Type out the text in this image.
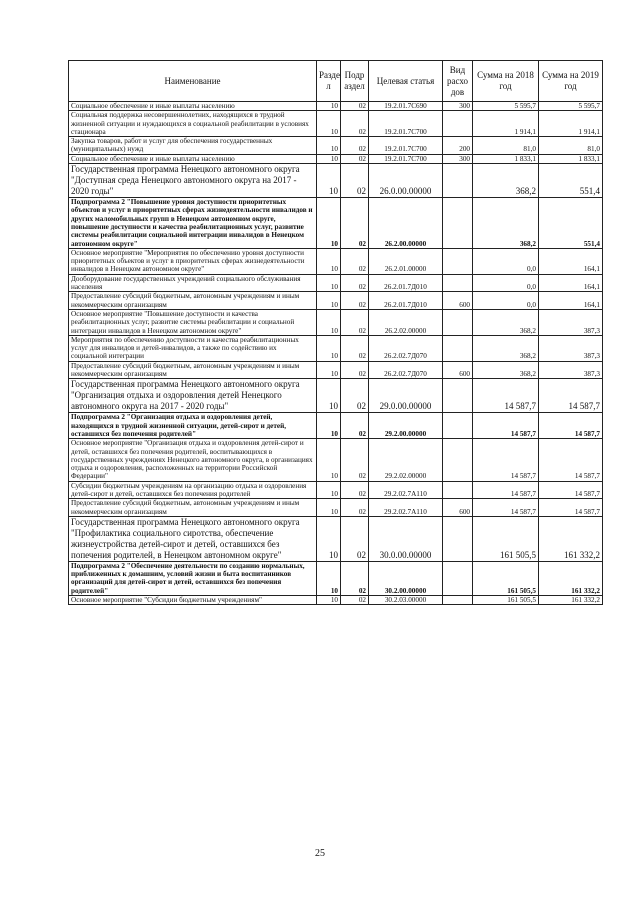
Наименование	Разде л	Подр аздел	Целевая статья	Вид расхо дов	Сумма на 2018 год	Сумма на 2019 год
Социальное обеспечение и иные выплаты населению	10	02	19.2.01.7С690	300	5 595,7	5 595,7
Социальная поддержка несовершеннолетних, находящихся в трудной жизненной ситуации и нуждающихся в социальной реабилитации в условиях стационара	10	02	19.2.01.7С700		1 914,1	1 914,1
Закупка товаров, работ и услуг для обеспечения государственных (муниципальных) нужд	10	02	19.2.01.7С700	200	81,0	81,0
Социальное обеспечение и иные выплаты населению	10	02	19.2.01.7С700	300	1 833,1	1 833,1
Государственная программа Ненецкого автономного округа "Доступная среда Ненецкого автономного округа на 2017 - 2020 годы"	10	02	26.0.00.00000		368,2	551,4
Подпрограмма 2 "Повышение уровня доступности приоритетных объектов и услуг в приоритетных сферах жизнедеятельности инвалидов и других маломобильных групп в Ненецком автономном округе, повышение доступности и качества реабилитационных услуг, развитие системы реабилитации социальной интеграции инвалидов в Ненецком автономном округе"	10	02	26.2.00.00000		368,2	551,4
Основное мероприятие "Мероприятия по обеспечению уровня доступности приоритетных объектов и услуг в приоритетных сферах жизнедеятельности инвалидов в Ненецком автономном округе"	10	02	26.2.01.00000		0,0	164,1
Дооборудование государственных учреждений социального обслуживания населения	10	02	26.2.01.7Д010		0,0	164,1
Предоставление субсидий бюджетным, автономным учреждениям и иным некоммерческим организациям	10	02	26.2.01.7Д010	600	0,0	164,1
Основное мероприятие "Повышение доступности и качества реабилитационных услуг, развитие системы реабилитации и социальной интеграции инвалидов в Ненецком автономном округе"	10	02	26.2.02.00000		368,2	387,3
Мероприятия по обеспечению доступности и качества реабилитационных услуг для инвалидов и детей-инвалидов, а также по содействию их социальной интеграции	10	02	26.2.02.7Д070		368,2	387,3
Предоставление субсидий бюджетным, автономным учреждениям и иным некоммерческим организациям	10	02	26.2.02.7Д070	600	368,2	387,3
Государственная программа Ненецкого автономного округа "Организация отдыха и оздоровления детей Ненецкого автономного округа на 2017 - 2020 годы"	10	02	29.0.00.00000		14 587,7	14 587,7
Подпрограмма 2 "Организация отдыха и оздоровления детей, находящихся в трудной жизненной ситуации, детей-сирот и детей, оставшихся без попечения родителей"	10	02	29.2.00.00000		14 587,7	14 587,7
Основное мероприятие "Организация отдыха и оздоровления детей-сирот и детей, оставшихся без попечения родителей, воспитывающихся в государственных учреждениях Ненецкого автономного округа, в организациях отдыха и оздоровления, расположенных на территории Российской Федерации"	10	02	29.2.02.00000		14 587,7	14 587,7
Субсидии бюджетным учреждениям на организацию отдыха и оздоровления детей-сирот и детей, оставшихся без попечения родителей	10	02	29.2.02.7А110		14 587,7	14 587,7
Предоставление субсидий бюджетным, автономным учреждениям и иным некоммерческим организациям	10	02	29.2.02.7А110	600	14 587,7	14 587,7
Государственная программа Ненецкого автономного округа "Профилактика социального сиротства, обеспечение жизнеустройства детей-сирот и детей, оставшихся без попечения родителей, в Ненецком автономном округе"	10	02	30.0.00.00000		161 505,5	161 332,2
Подпрограмма 2 "Обеспечение деятельности по созданию нормальных, приближенных к домашним, условий жизни и быта воспитанников организаций для детей-сирот и детей, оставшихся без попечения родителей"	10	02	30.2.00.00000		161 505,5	161 332,2
Основное мероприятие "Субсидии бюджетным учреждениям"	10	02	30.2.03.00000		161 505,5	161 332,2
25
